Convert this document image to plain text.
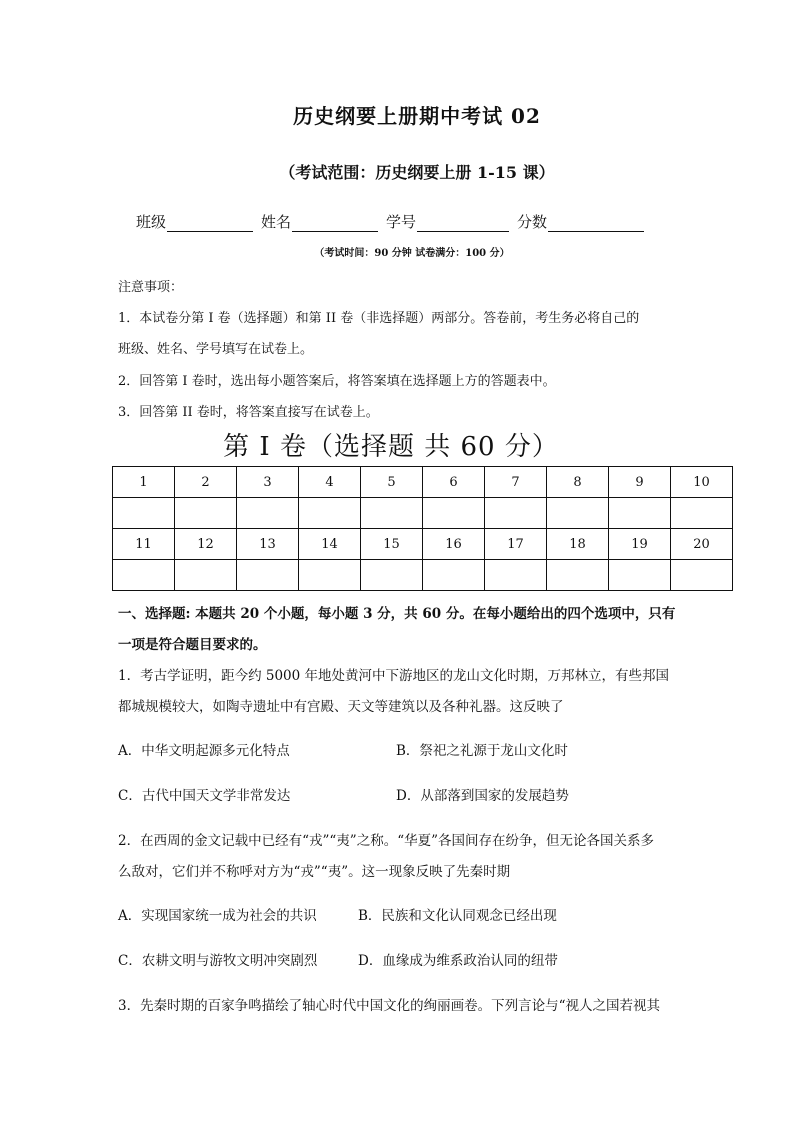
历史纲要上册期中考试 02
（考试范围：历史纲要上册 1-15 课）
班级	姓名	学号	分数
（考试时间：90 分钟 试卷满分：100 分）
注意事项：
1．本试卷分第 I 卷（选择题）和第 II 卷（非选择题）两部分。答卷前，考生务必将自己的
班级、姓名、学号填写在试卷上。
2．回答第 I 卷时，选出每小题答案后，将答案填在选择题上方的答题表中。
3．回答第 II 卷时，将答案直接写在试卷上。
第 I 卷（选择题 共 60 分）
1	2	3	4	5	6	7	8	9	10

11	12	13	14	15	16	17	18	19	20

一、选择题: 本题共 20 个小题，每小题 3 分，共 60 分。在每小题给出的四个选项中，只有
一项是符合题目要求的。
1．考古学证明，距今约 5000 年地处黄河中下游地区的龙山文化时期，万邦林立，有些邦国
都城规模较大，如陶寺遗址中有宫殿、天文等建筑以及各种礼器。这反映了
A．中华文明起源多元化特点	B．祭祀之礼源于龙山文化时
C．古代中国天文学非常发达	D．从部落到国家的发展趋势
2．在西周的金文记载中已经有“戎”“夷”之称。“华夏”各国间存在纷争，但无论各国关系多
么敌对，它们并不称呼对方为“戎”“夷”。这一现象反映了先秦时期
A．实现国家统一成为社会的共识	B．民族和文化认同观念已经出现
C．农耕文明与游牧文明冲突剧烈	D．血缘成为维系政治认同的纽带
3．先秦时期的百家争鸣描绘了轴心时代中国文化的绚丽画卷。下列言论与“视人之国若视其
